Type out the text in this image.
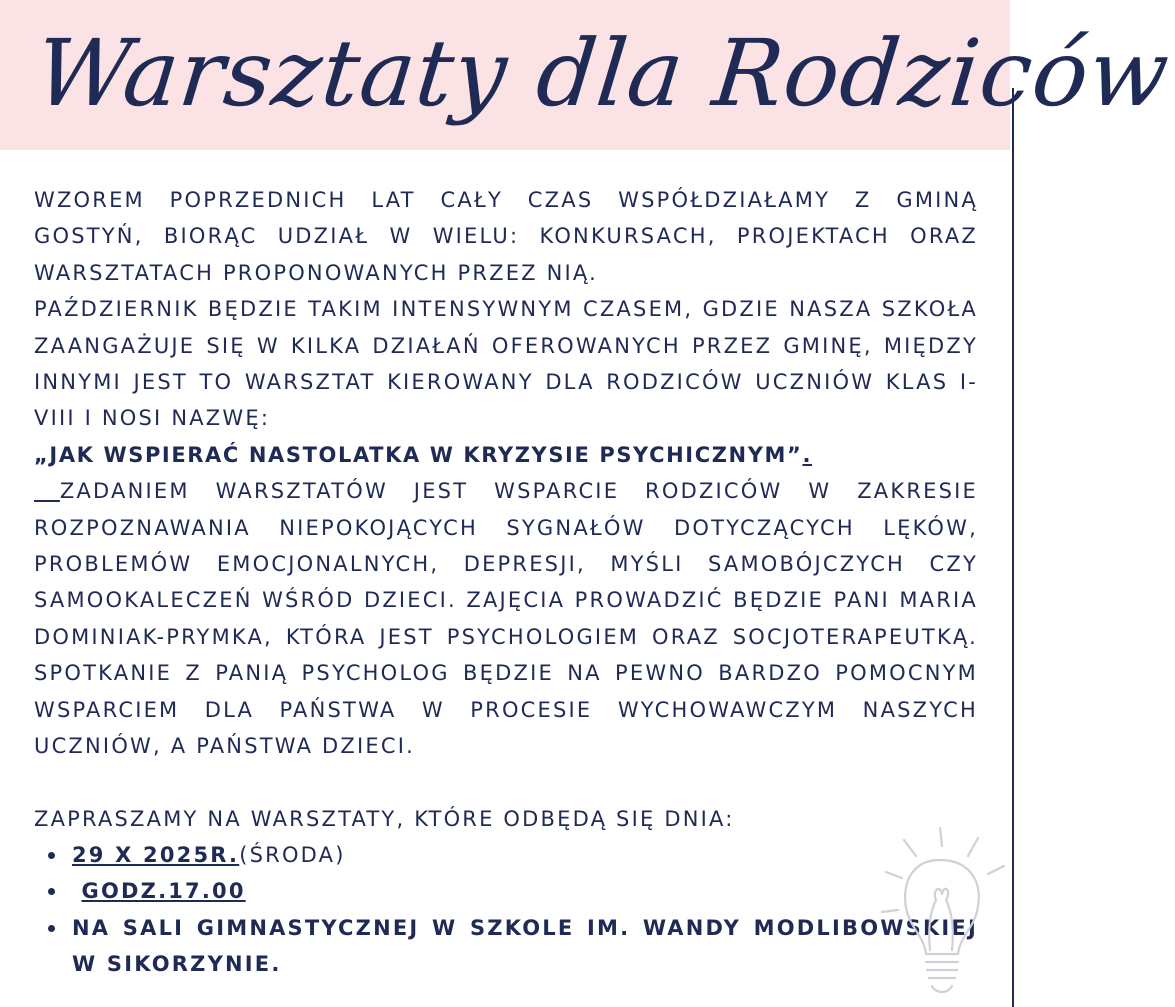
Warsztaty dla Rodziców

WZOREM POPRZEDNICH LAT CAŁY CZAS WSPÓŁDZIAŁAMY Z GMINĄ GOSTYŃ, BIORĄC UDZIAŁ W WIELU: KONKURSACH, PROJEKTACH ORAZ WARSZTATACH PROPONOWANYCH PRZEZ NIĄ.

PAŹDZIERNIK BĘDZIE TAKIM INTENSYWNYM CZASEM, GDZIE NASZA SZKOŁA ZAANGAŻUJE SIĘ W KILKA DZIAŁAŃ OFEROWANYCH PRZEZ GMINĘ, MIĘDZY INNYMI JEST TO WARSZTAT KIEROWANY DLA RODZICÓW UCZNIÓW KLAS I-VIII I NOSI NAZWĘ:

„JAK WSPIERAĆ NASTOLATKA W KRYZYSIE PSYCHICZNYM”.

ZADANIEM WARSZTATÓW JEST WSPARCIE RODZICÓW W ZAKRESIE ROZPOZNAWANIA NIEPOKOJĄCYCH SYGNAŁÓW DOTYCZĄCYCH LĘKÓW, PROBLEMÓW EMOCJONALNYCH, DEPRESJI, MYŚLI SAMOBÓJCZYCH CZY SAMOOKALECZEŃ WŚRÓD DZIECI. ZAJĘCIA PROWADZIĆ BĘDZIE PANI MARIA DOMINIAK-PRYMKA, KTÓRA JEST PSYCHOLOGIEM ORAZ SOCJOTERAPEUTKĄ. SPOTKANIE Z PANIĄ PSYCHOLOG BĘDZIE NA PEWNO BARDZO POMOCNYM WSPARCIEM DLA PAŃSTWA W PROCESIE WYCHOWAWCZYM NASZYCH UCZNIÓW, A PAŃSTWA DZIECI.

ZAPRASZAMY NA WARSZTATY, KTÓRE ODBĘDĄ SIĘ DNIA:

29 X 2025R.(ŚRODA)
GODZ.17.00
NA SALI GIMNASTYCZNEJ W SZKOLE IM. WANDY MODLIBOWSKIEJ W SIKORZYNIE.
